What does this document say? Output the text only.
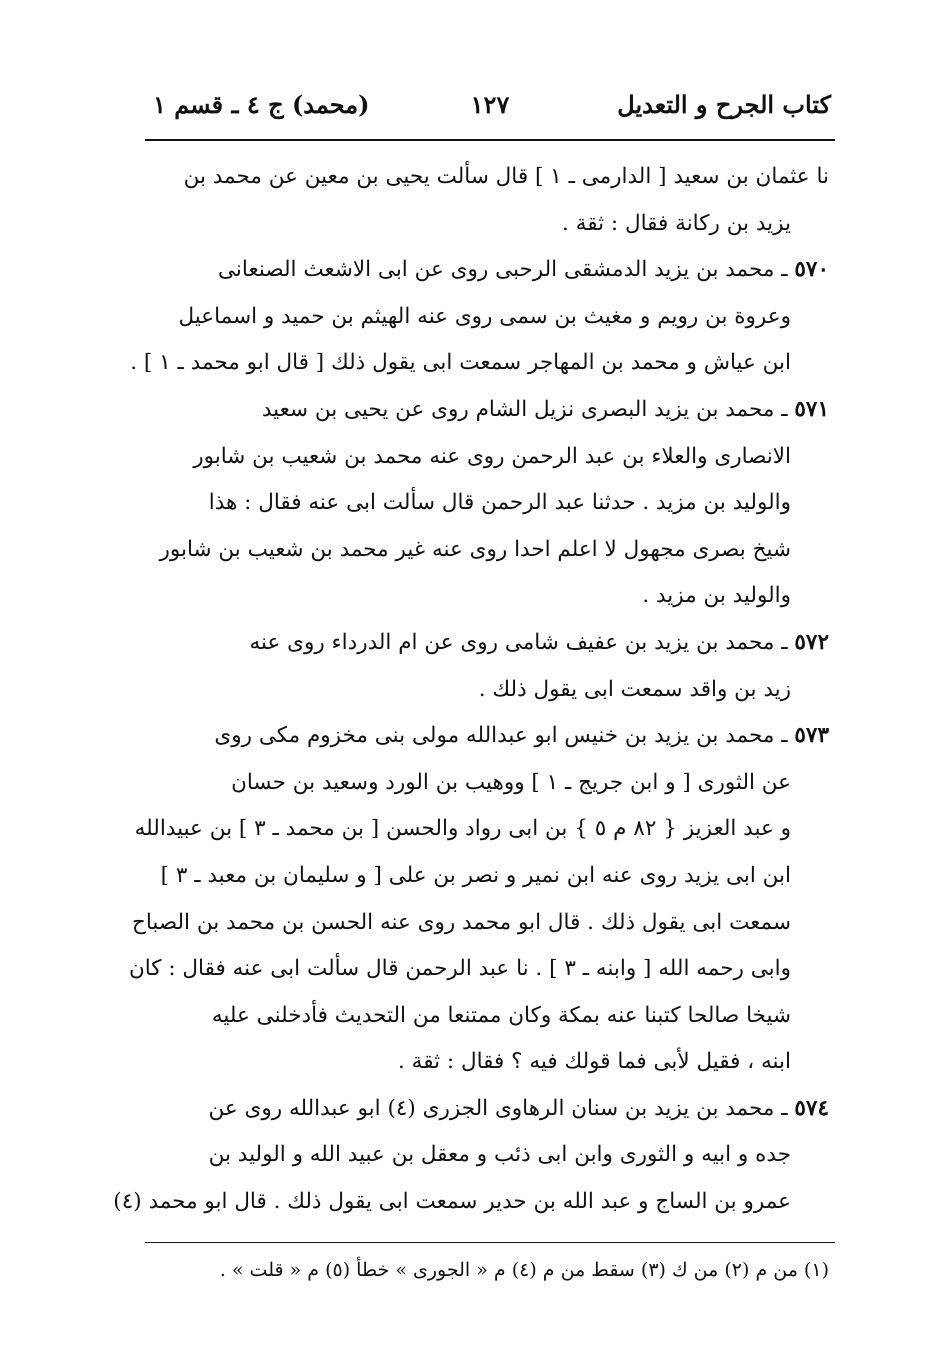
كتاب الجرح و التعديل
١٢٧
(محمد) ج ٤ ـ قسم ١
نا عثمان بن سعيد [ الدارمى ـ ١ ] قال سألت يحيى بن معين عن محمد بن
يزيد بن ركانة فقال : ثقة .
٥٧٠ ـ محمد بن يزيد الدمشقى الرحبى روى عن ابى الاشعث الصنعانى
وعروة بن رويم و مغيث بن سمى روى عنه الهيثم بن حميد و اسماعيل
ابن عياش و محمد بن المهاجر سمعت ابى يقول ذلك [ قال ابو محمد ـ ١ ] .
٥٧١ ـ محمد بن يزيد البصرى نزيل الشام روى عن يحيى بن سعيد
الانصارى والعلاء بن عبد الرحمن روى عنه محمد بن شعيب بن شابور
والوليد بن مزيد . حدثنا عبد الرحمن قال سألت ابى عنه فقال : هذا
شيخ بصرى مجهول لا اعلم احدا روى عنه غير محمد بن شعيب بن شابور
والوليد بن مزيد .
٥٧٢ ـ محمد بن يزيد بن عفيف شامى روى عن ام الدرداء روى عنه
زيد بن واقد سمعت ابى يقول ذلك .
٥٧٣ ـ محمد بن يزيد بن خنيس ابو عبدالله مولى بنى مخزوم مكى روى
عن الثورى [ و ابن جريج ـ ١ ] ووهيب بن الورد وسعيد بن حسان
و عبد العزيز { ٨٢ م ٥ } بن ابى رواد والحسن [ بن محمد ـ ٣ ] بن عبيدالله
ابن ابى يزيد روى عنه ابن نمير و نصر بن على [ و سليمان بن معبد ـ ٣ ]
سمعت ابى يقول ذلك . قال ابو محمد روى عنه الحسن بن محمد بن الصباح
وابى رحمه الله [ وابنه ـ ٣ ] . نا عبد الرحمن قال سألت ابى عنه فقال : كان
شيخا صالحا كتبنا عنه بمكة وكان ممتنعا من التحديث فأدخلنى عليه
ابنه ، فقيل لأبى فما قولك فيه ؟ فقال : ثقة .
٥٧٤ ـ محمد بن يزيد بن سنان الرهاوى الجزرى (٤) ابو عبدالله روى عن
جده و ابيه و الثورى وابن ابى ذئب و معقل بن عبيد الله و الوليد بن
عمرو بن الساج و عبد الله بن حدير سمعت ابى يقول ذلك . قال ابو محمد (٤)
(١) من م (٢) من ك (٣) سقط من م (٤) م « الجورى » خطأ (٥) م « قلت » .
